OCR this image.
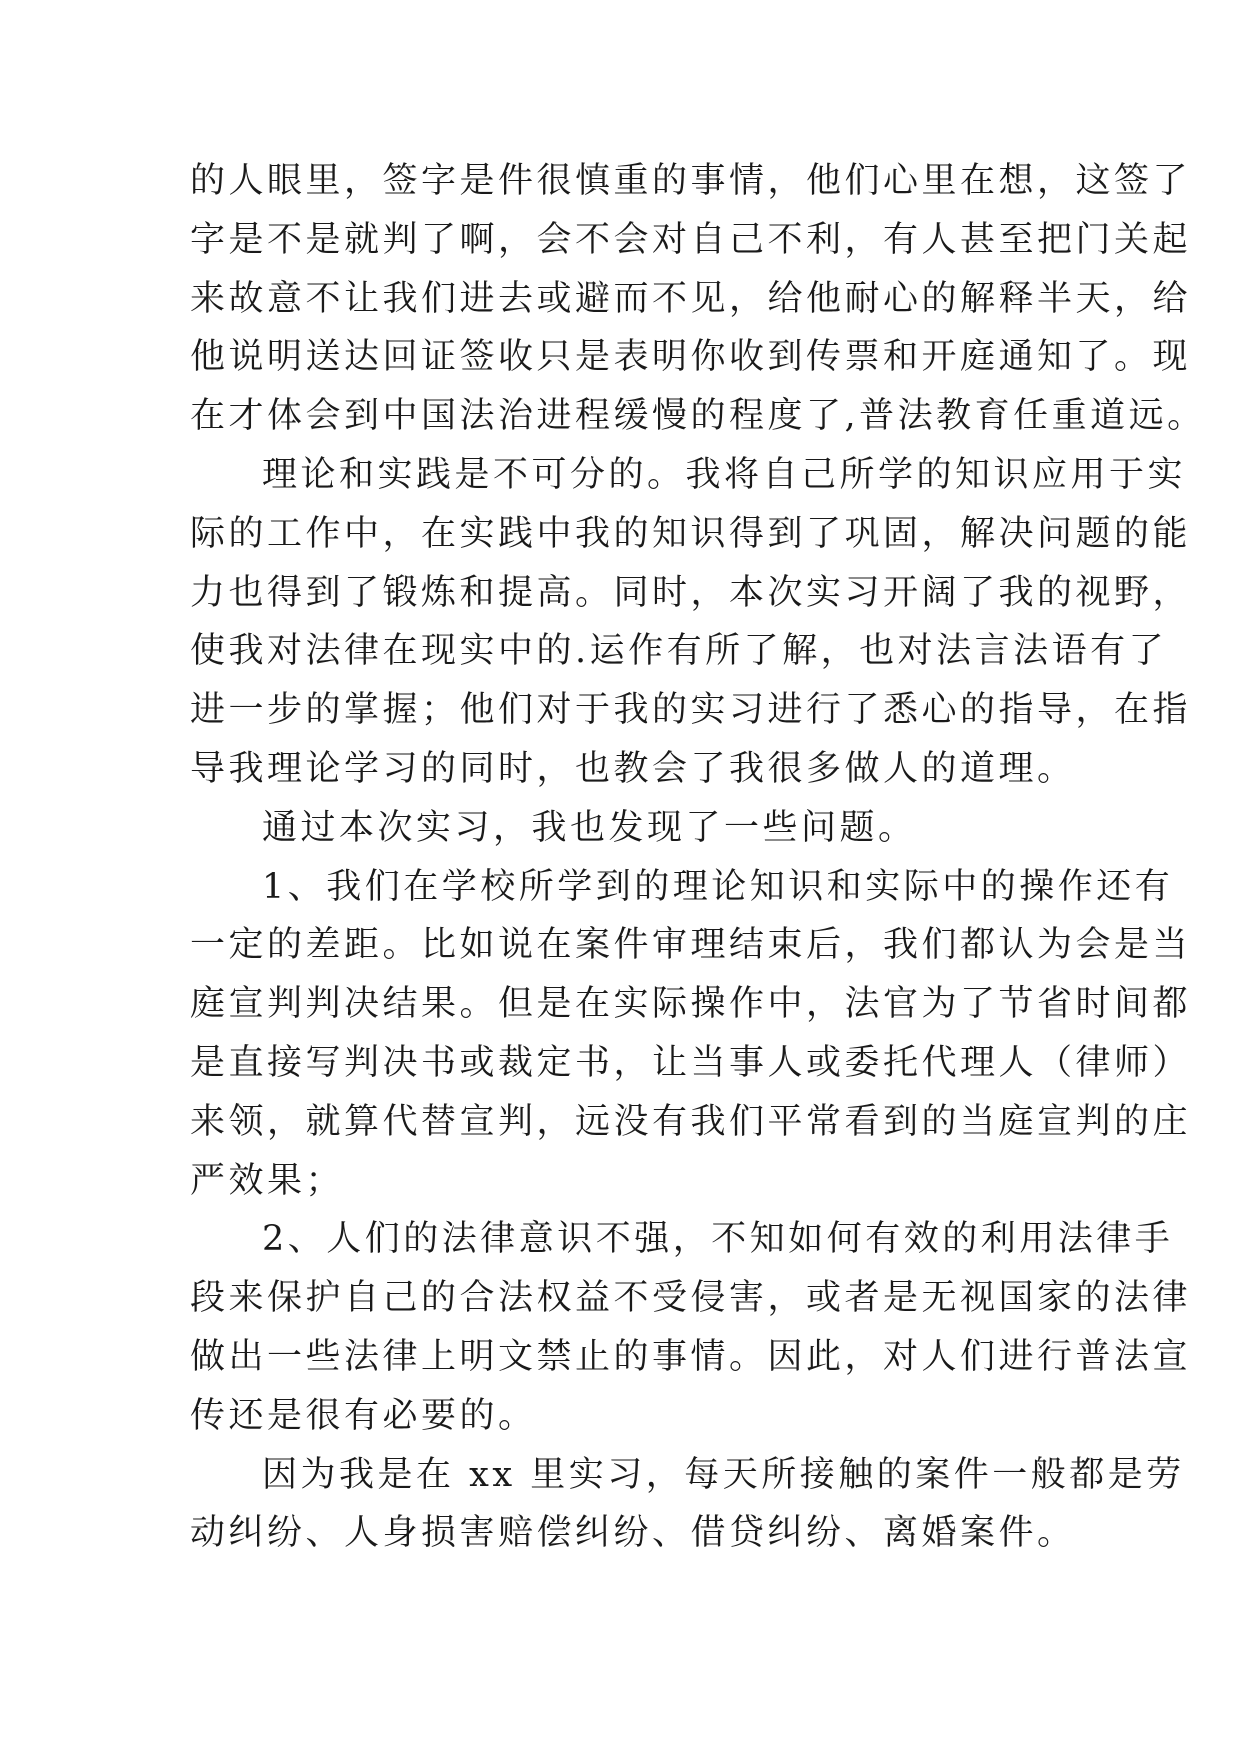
的人眼里，签字是件很慎重的事情，他们心里在想，这签了
字是不是就判了啊，会不会对自己不利，有人甚至把门关起
来故意不让我们进去或避而不见，给他耐心的解释半天，给
他说明送达回证签收只是表明你收到传票和开庭通知了。现
在才体会到中国法治进程缓慢的程度了,普法教育任重道远。
理论和实践是不可分的。我将自己所学的知识应用于实
际的工作中，在实践中我的知识得到了巩固，解决问题的能
力也得到了锻炼和提高。同时，本次实习开阔了我的视野，
使我对法律在现实中的.运作有所了解，也对法言法语有了
进一步的掌握；他们对于我的实习进行了悉心的指导，在指
导我理论学习的同时，也教会了我很多做人的道理。
通过本次实习，我也发现了一些问题。
1、我们在学校所学到的理论知识和实际中的操作还有
一定的差距。比如说在案件审理结束后，我们都认为会是当
庭宣判判决结果。但是在实际操作中，法官为了节省时间都
是直接写判决书或裁定书，让当事人或委托代理人（律师）
来领，就算代替宣判，远没有我们平常看到的当庭宣判的庄
严效果；
2、人们的法律意识不强，不知如何有效的利用法律手
段来保护自己的合法权益不受侵害，或者是无视国家的法律
做出一些法律上明文禁止的事情。因此，对人们进行普法宣
传还是很有必要的。
因为我是在 xx 里实习，每天所接触的案件一般都是劳
动纠纷、人身损害赔偿纠纷、借贷纠纷、离婚案件。
